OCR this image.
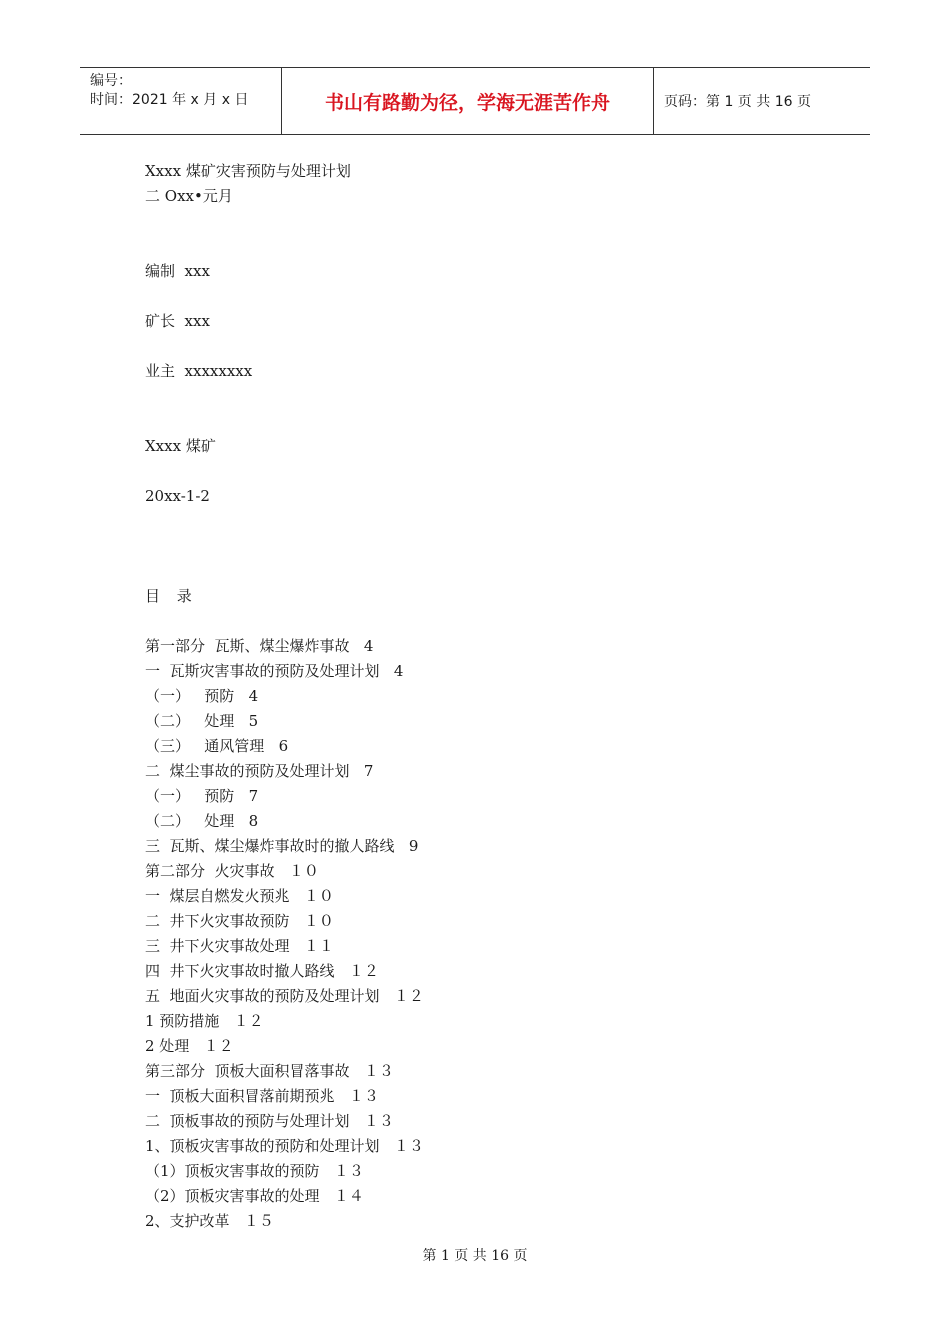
编号：
时间：2021 年 x 月 x 日	书山有路勤为径，学海无涯苦作舟	页码：第 1 页 共 16 页
Xxxx 煤矿灾害预防与处理计划
二 Oxx•元月
编制  xxx
矿长  xxx
业主  xxxxxxxx
Xxxx 煤矿
20xx-1-2
目 录
第一部分  瓦斯、煤尘爆炸事故   4
一  瓦斯灾害事故的预防及处理计划   4
（一）   预防   4
（二）   处理   5
（三）   通风管理   6
二  煤尘事故的预防及处理计划   7
（一）   预防   7
（二）   处理   8
三  瓦斯、煤尘爆炸事故时的撤人路线   9
第二部分  火灾事故   １０
一  煤层自燃发火预兆   １０
二  井下火灾事故预防   １０
三  井下火灾事故处理   １１
四  井下火灾事故时撤人路线   １２
五  地面火灾事故的预防及处理计划   １２
1 预防措施   １２
2 处理   １２
第三部分  顶板大面积冒落事故   １３
一  顶板大面积冒落前期预兆   １３
二  顶板事故的预防与处理计划   １３
1、顶板灾害事故的预防和处理计划   １３
（1）顶板灾害事故的预防   １３
（2）顶板灾害事故的处理   １４
2、支护改革   １５
第 1 页 共 16 页
